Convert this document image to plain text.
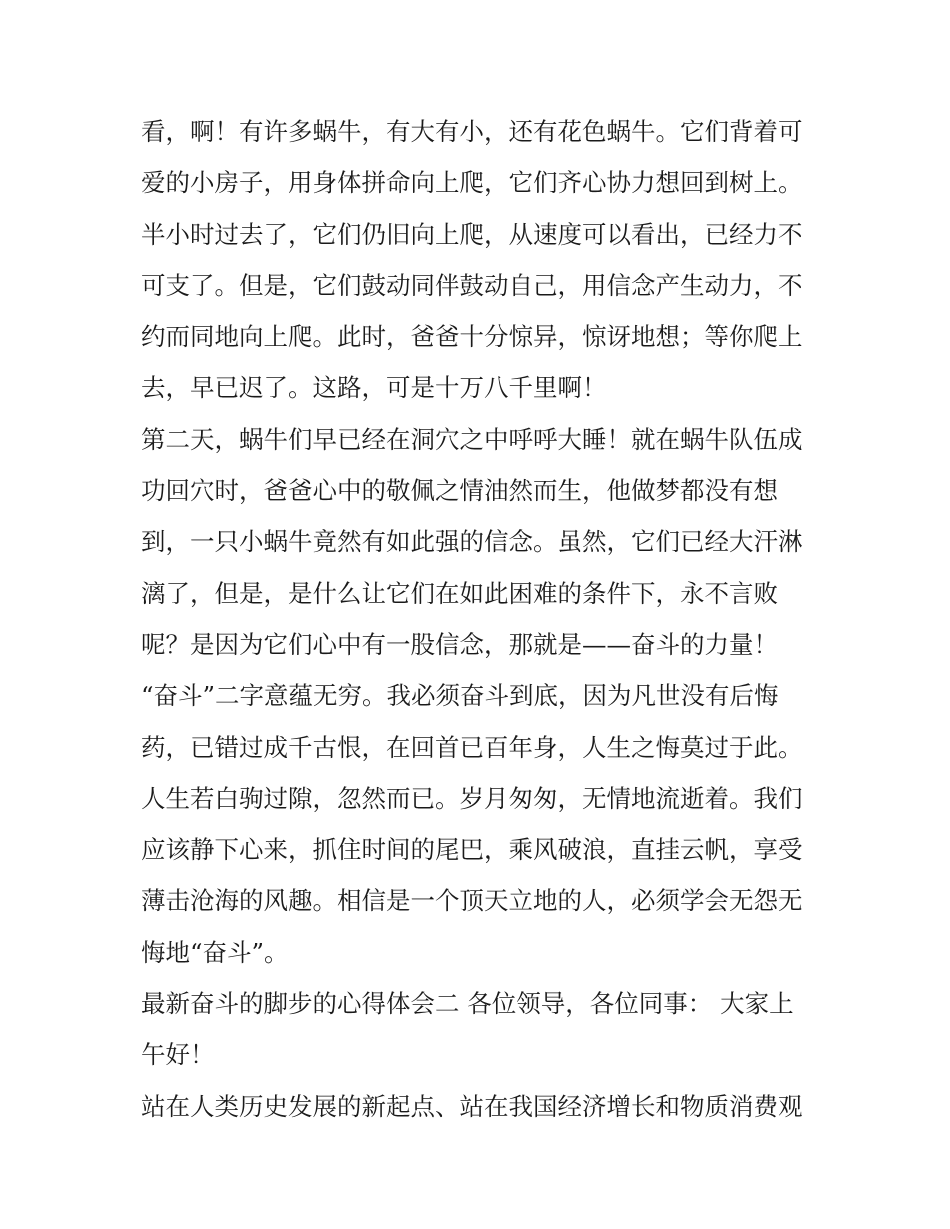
看，啊！有许多蜗牛，有大有小，还有花色蜗牛。它们背着可
爱的小房子，用身体拼命向上爬，它们齐心协力想回到树上。
半小时过去了，它们仍旧向上爬，从速度可以看出，已经力不
可支了。但是，它们鼓动同伴鼓动自己，用信念产生动力，不
约而同地向上爬。此时，爸爸十分惊异，惊讶地想；等你爬上
去，早已迟了。这路，可是十万八千里啊！
第二天，蜗牛们早已经在洞穴之中呼呼大睡！就在蜗牛队伍成
功回穴时，爸爸心中的敬佩之情油然而生，他做梦都没有想
到，一只小蜗牛竟然有如此强的信念。虽然，它们已经大汗淋
漓了，但是，是什么让它们在如此困难的条件下，永不言败
呢？是因为它们心中有一股信念，那就是——奋斗的力量！
“奋斗”二字意蕴无穷。我必须奋斗到底，因为凡世没有后悔
药，已错过成千古恨，在回首已百年身，人生之悔莫过于此。
人生若白驹过隙，忽然而已。岁月匆匆，无情地流逝着。我们
应该静下心来，抓住时间的尾巴，乘风破浪，直挂云帆，享受
薄击沧海的风趣。相信是一个顶天立地的人，必须学会无怨无
悔地“奋斗”。
最新奋斗的脚步的心得体会二 各位领导，各位同事： 大家上
午好！
站在人类历史发展的新起点、站在我国经济增长和物质消费观
